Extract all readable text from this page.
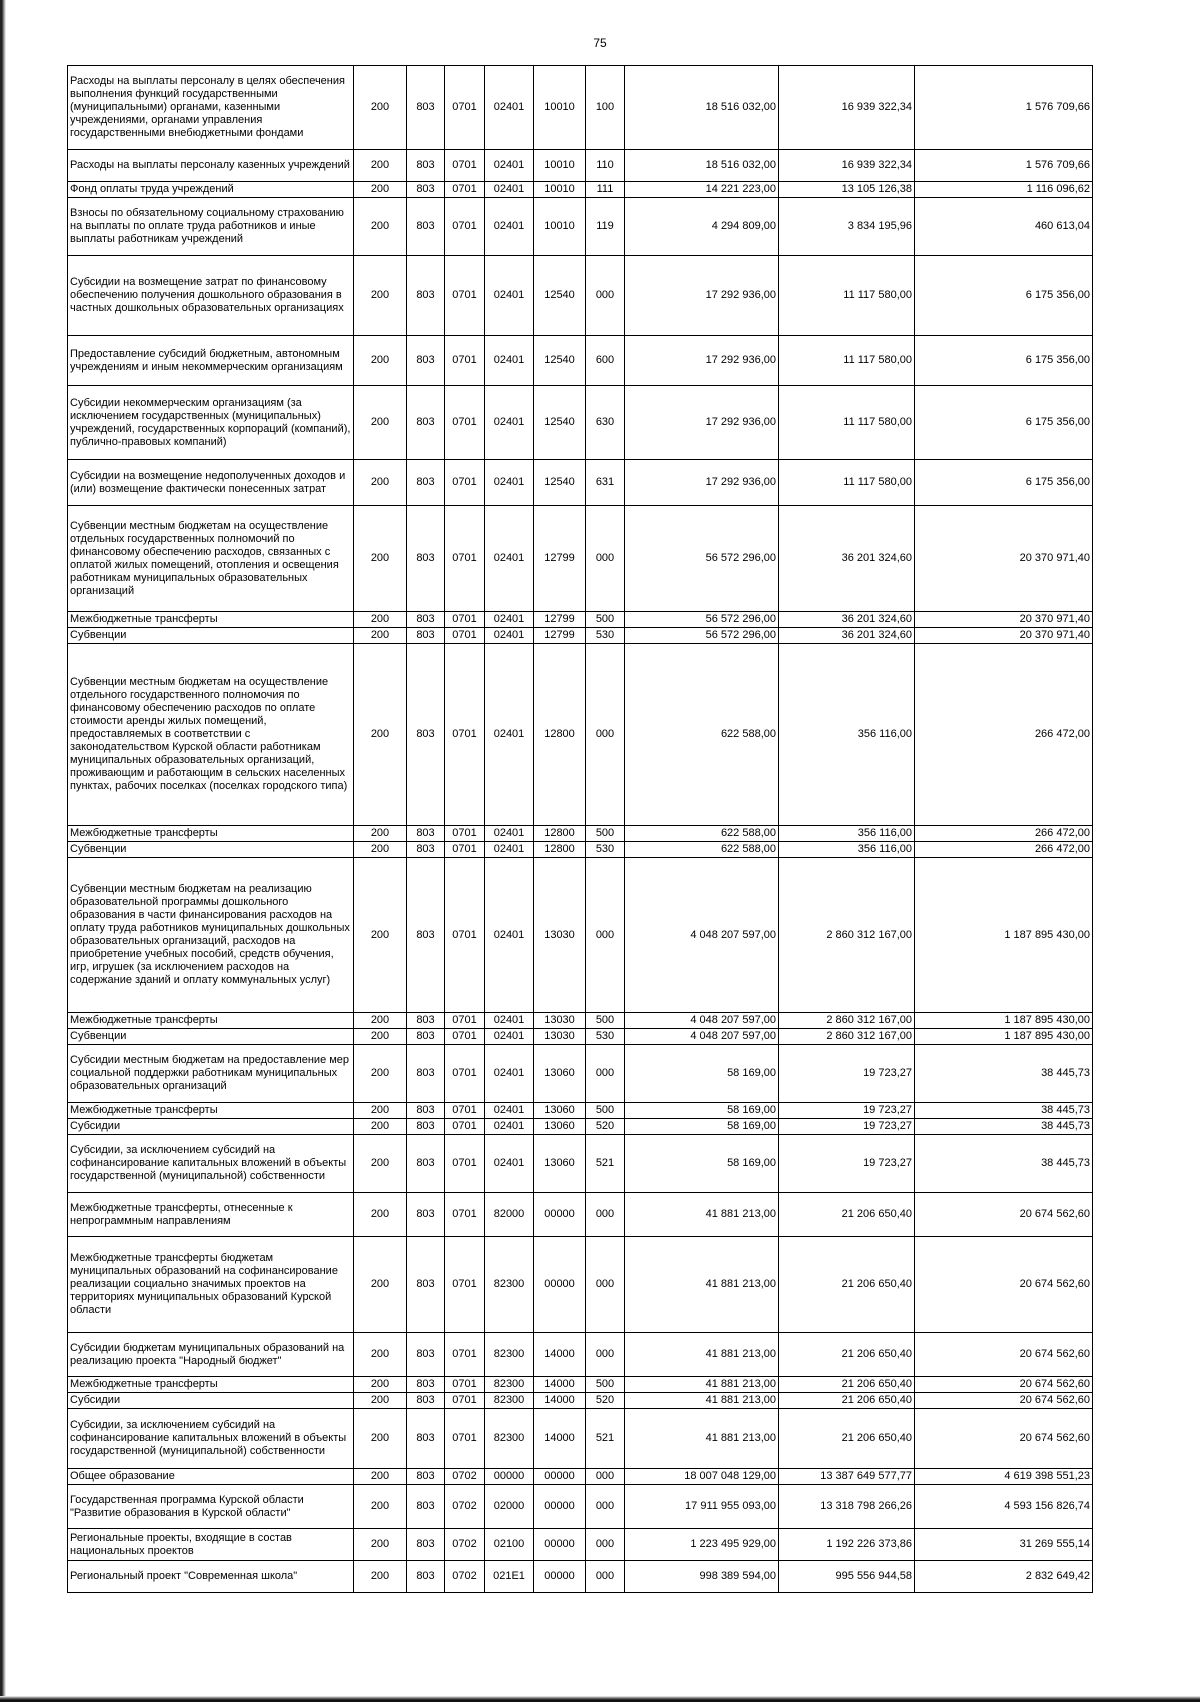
75
Расходы на выплаты персоналу в целях обеспечения выполнения функций государственными (муниципальными) органами, казенными учреждениями, органами управления государственными внебюджетными фондами	200	803	0701	02401	10010	100	18 516 032,00	16 939 322,34	1 576 709,66
Расходы на выплаты персоналу казенных учреждений	200	803	0701	02401	10010	110	18 516 032,00	16 939 322,34	1 576 709,66
Фонд оплаты труда учреждений	200	803	0701	02401	10010	111	14 221 223,00	13 105 126,38	1 116 096,62
Взносы по обязательному социальному страхованию на выплаты по оплате труда работников и иные выплаты работникам учреждений	200	803	0701	02401	10010	119	4 294 809,00	3 834 195,96	460 613,04
Субсидии на возмещение затрат по финансовому обеспечению получения дошкольного образования в частных дошкольных образовательных организациях	200	803	0701	02401	12540	000	17 292 936,00	11 117 580,00	6 175 356,00
Предоставление субсидий бюджетным, автономным учреждениям и иным некоммерческим организациям	200	803	0701	02401	12540	600	17 292 936,00	11 117 580,00	6 175 356,00
Субсидии некоммерческим организациям (за исключением государственных (муниципальных) учреждений, государственных корпораций (компаний), публично-правовых компаний)	200	803	0701	02401	12540	630	17 292 936,00	11 117 580,00	6 175 356,00
Субсидии на возмещение недополученных доходов и (или) возмещение фактически понесенных затрат	200	803	0701	02401	12540	631	17 292 936,00	11 117 580,00	6 175 356,00
Субвенции местным бюджетам на осуществление отдельных государственных полномочий по финансовому обеспечению расходов, связанных с оплатой жилых помещений, отопления и освещения работникам муниципальных образовательных организаций	200	803	0701	02401	12799	000	56 572 296,00	36 201 324,60	20 370 971,40
Межбюджетные трансферты	200	803	0701	02401	12799	500	56 572 296,00	36 201 324,60	20 370 971,40
Субвенции	200	803	0701	02401	12799	530	56 572 296,00	36 201 324,60	20 370 971,40
Субвенции местным бюджетам на осуществление отдельного государственного полномочия по финансовому обеспечению расходов по оплате стоимости аренды жилых помещений, предоставляемых в соответствии с законодательством Курской области работникам муниципальных образовательных организаций, проживающим и работающим в сельских населенных пунктах, рабочих поселках (поселках городского типа)	200	803	0701	02401	12800	000	622 588,00	356 116,00	266 472,00
Межбюджетные трансферты	200	803	0701	02401	12800	500	622 588,00	356 116,00	266 472,00
Субвенции	200	803	0701	02401	12800	530	622 588,00	356 116,00	266 472,00
Субвенции местным бюджетам на реализацию образовательной программы дошкольного образования в части финансирования расходов на оплату труда работников муниципальных дошкольных образовательных организаций, расходов на приобретение учебных пособий, средств обучения, игр, игрушек (за исключением расходов на содержание зданий и оплату коммунальных услуг)	200	803	0701	02401	13030	000	4 048 207 597,00	2 860 312 167,00	1 187 895 430,00
Межбюджетные трансферты	200	803	0701	02401	13030	500	4 048 207 597,00	2 860 312 167,00	1 187 895 430,00
Субвенции	200	803	0701	02401	13030	530	4 048 207 597,00	2 860 312 167,00	1 187 895 430,00
Субсидии местным бюджетам на предоставление мер социальной поддержки работникам муниципальных образовательных организаций	200	803	0701	02401	13060	000	58 169,00	19 723,27	38 445,73
Межбюджетные трансферты	200	803	0701	02401	13060	500	58 169,00	19 723,27	38 445,73
Субсидии	200	803	0701	02401	13060	520	58 169,00	19 723,27	38 445,73
Субсидии, за исключением субсидий на софинансирование капитальных вложений в объекты государственной (муниципальной) собственности	200	803	0701	02401	13060	521	58 169,00	19 723,27	38 445,73
Межбюджетные трансферты, отнесенные к непрограммным направлениям	200	803	0701	82000	00000	000	41 881 213,00	21 206 650,40	20 674 562,60
Межбюджетные трансферты бюджетам муниципальных образований на софинансирование реализации социально значимых проектов на территориях муниципальных образований Курской области	200	803	0701	82300	00000	000	41 881 213,00	21 206 650,40	20 674 562,60
Субсидии бюджетам муниципальных образований на реализацию проекта "Народный бюджет"	200	803	0701	82300	14000	000	41 881 213,00	21 206 650,40	20 674 562,60
Межбюджетные трансферты	200	803	0701	82300	14000	500	41 881 213,00	21 206 650,40	20 674 562,60
Субсидии	200	803	0701	82300	14000	520	41 881 213,00	21 206 650,40	20 674 562,60
Субсидии, за исключением субсидий на софинансирование капитальных вложений в объекты государственной (муниципальной) собственности	200	803	0701	82300	14000	521	41 881 213,00	21 206 650,40	20 674 562,60
Общее образование	200	803	0702	00000	00000	000	18 007 048 129,00	13 387 649 577,77	4 619 398 551,23
Государственная программа Курской области "Развитие образования в Курской области"	200	803	0702	02000	00000	000	17 911 955 093,00	13 318 798 266,26	4 593 156 826,74
Региональные проекты, входящие в состав национальных проектов	200	803	0702	02100	00000	000	1 223 495 929,00	1 192 226 373,86	31 269 555,14
Региональный проект "Современная школа"	200	803	0702	021E1	00000	000	998 389 594,00	995 556 944,58	2 832 649,42
